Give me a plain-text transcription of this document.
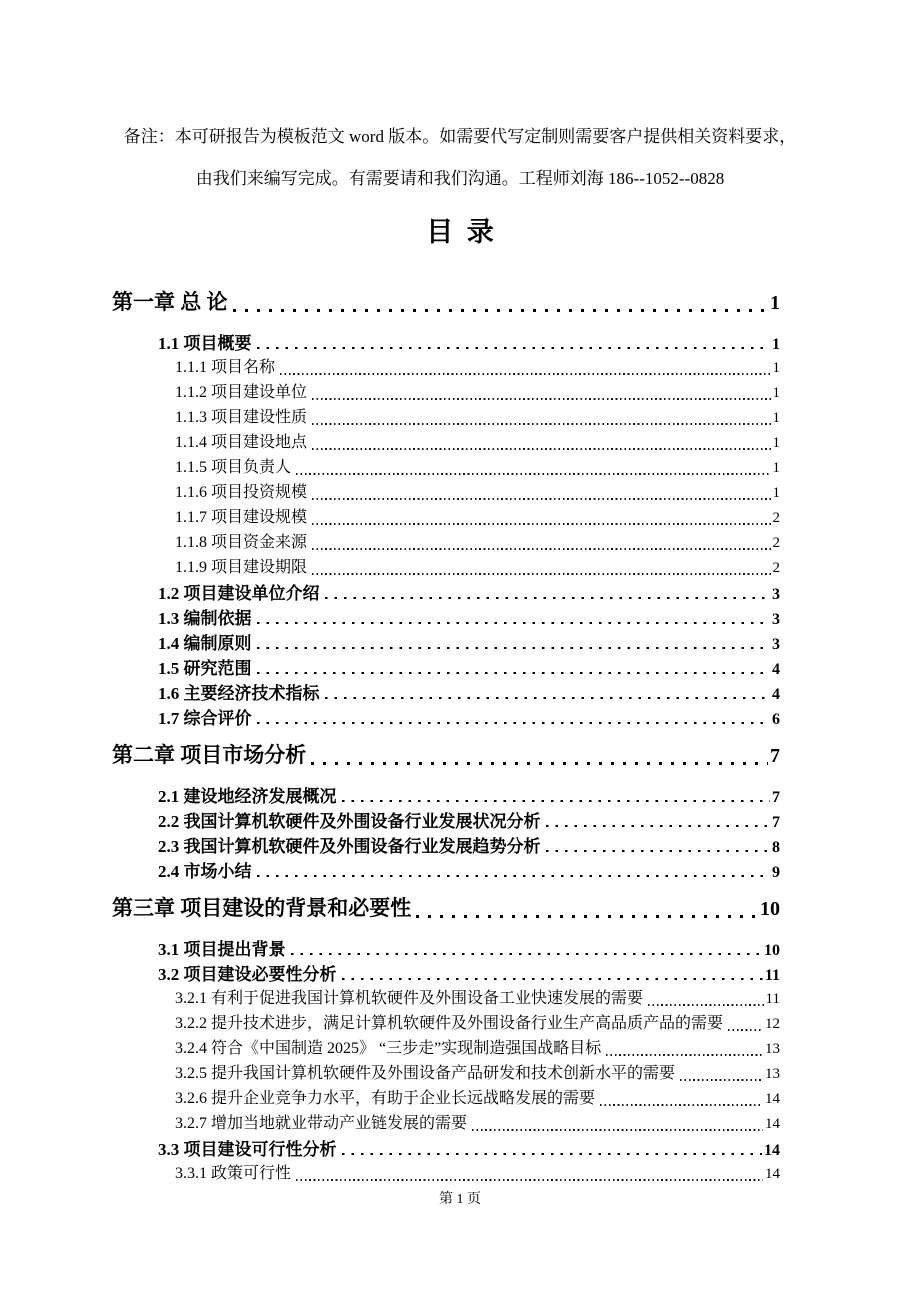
备注：本可研报告为模板范文 word 版本。如需要代写定制则需要客户提供相关资料要求，
由我们来编写完成。有需要请和我们沟通。工程师刘海 186--1052--0828
目  录
第一章 总 论	1
1.1 项目概要	1
1.1.1 项目名称	1
1.1.2 项目建设单位	1
1.1.3 项目建设性质	1
1.1.4 项目建设地点	1
1.1.5 项目负责人	1
1.1.6 项目投资规模	1
1.1.7 项目建设规模	2
1.1.8 项目资金来源	2
1.1.9 项目建设期限	2
1.2 项目建设单位介绍	3
1.3 编制依据	3
1.4 编制原则	3
1.5 研究范围	4
1.6 主要经济技术指标	4
1.7 综合评价	6
第二章 项目市场分析	7
2.1 建设地经济发展概况	7
2.2 我国计算机软硬件及外围设备行业发展状况分析	7
2.3 我国计算机软硬件及外围设备行业发展趋势分析	8
2.4 市场小结	9
第三章 项目建设的背景和必要性	10
3.1 项目提出背景	10
3.2 项目建设必要性分析	11
3.2.1 有利于促进我国计算机软硬件及外围设备工业快速发展的需要	11
3.2.2 提升技术进步，满足计算机软硬件及外围设备行业生产高品质产品的需要	12
3.2.4 符合《中国制造 2025》 “三步走”实现制造强国战略目标	13
3.2.5 提升我国计算机软硬件及外围设备产品研发和技术创新水平的需要	13
3.2.6 提升企业竞争力水平，有助于企业长远战略发展的需要	14
3.2.7 增加当地就业带动产业链发展的需要	14
3.3 项目建设可行性分析	14
3.3.1 政策可行性	14
第 1 页
